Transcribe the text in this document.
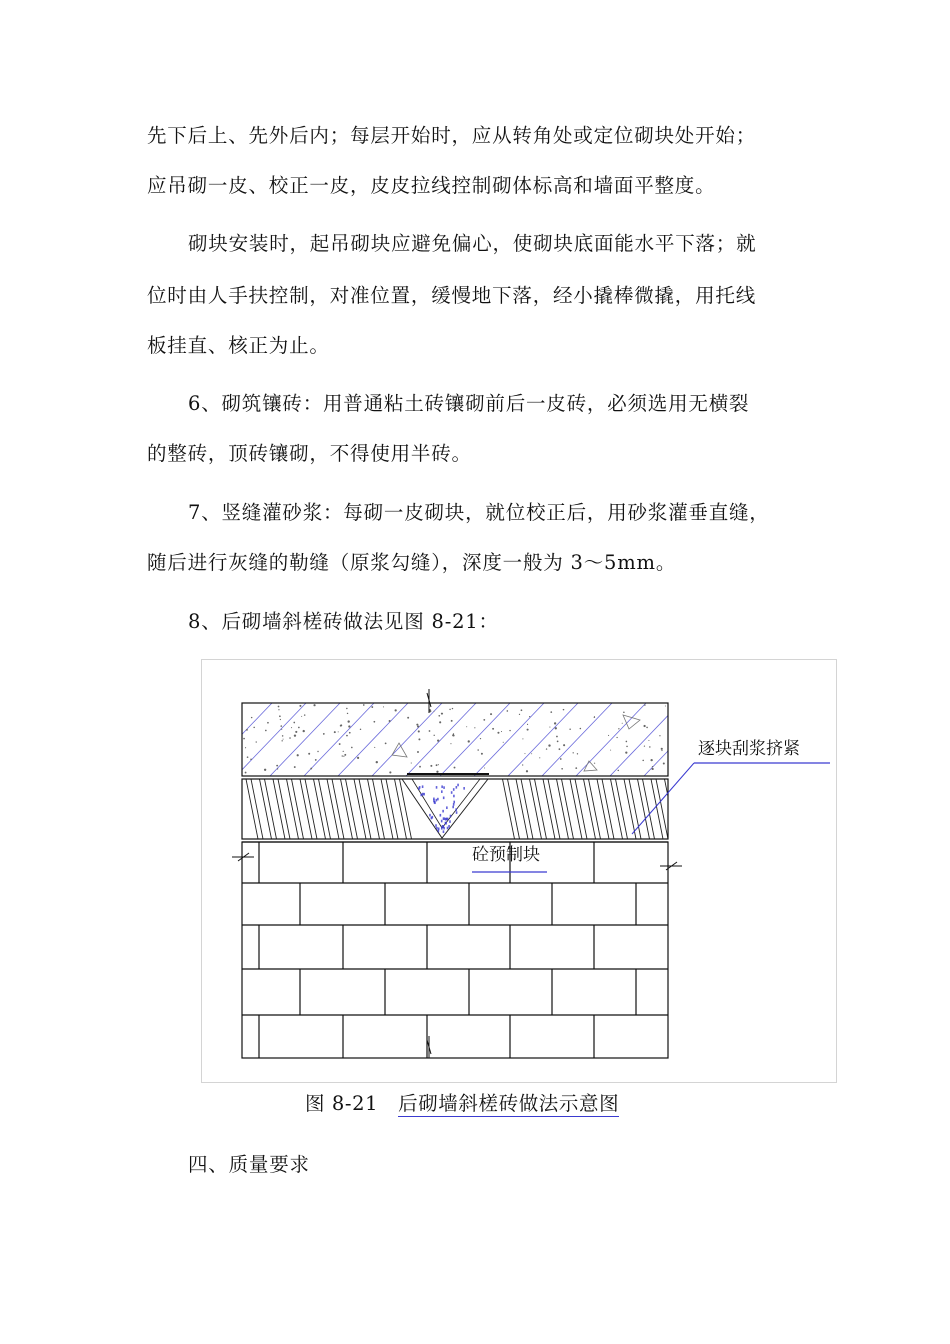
先下后上、先外后内；每层开始时，应从转角处或定位砌块处开始；

应吊砌一皮、校正一皮，皮皮拉线控制砌体标高和墙面平整度。

砌块安装时，起吊砌块应避免偏心，使砌块底面能水平下落；就

位时由人手扶控制，对准位置，缓慢地下落，经小撬棒微撬，用托线

板挂直、核正为止。

6、砌筑镶砖：用普通粘土砖镶砌前后一皮砖，必须选用无横裂

的整砖，顶砖镶砌，不得使用半砖。

7、竖缝灌砂浆：每砌一皮砌块，就位校正后，用砂浆灌垂直缝，

随后进行灰缝的勒缝（原浆勾缝），深度一般为 3～5mm。

8、后砌墙斜槎砖做法见图 8-21：

逐块刮浆挤紧
砼预制块

图 8-21 后砌墙斜槎砖做法示意图

四、质量要求
